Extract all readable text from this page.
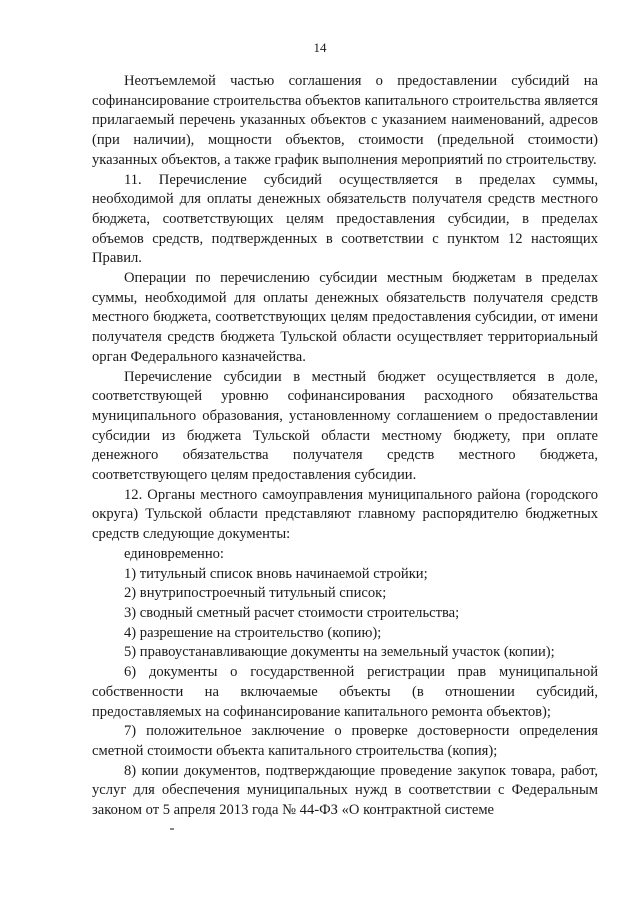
14

Неотъемлемой частью соглашения о предоставлении субсидий на софинансирование строительства объектов капитального строительства является прилагаемый перечень указанных объектов с указанием наименований, адресов (при наличии), мощности объектов, стоимости (предельной стоимости) указанных объектов, а также график выполнения мероприятий по строительству.

11. Перечисление субсидий осуществляется в пределах суммы, необходимой для оплаты денежных обязательств получателя средств местного бюджета, соответствующих целям предоставления субсидии, в пределах объемов средств, подтвержденных в соответствии с пунктом 12 настоящих Правил.

Операции по перечислению субсидии местным бюджетам в пределах суммы, необходимой для оплаты денежных обязательств получателя средств местного бюджета, соответствующих целям предоставления субсидии, от имени получателя средств бюджета Тульской области осуществляет территориальный орган Федерального казначейства.

Перечисление субсидии в местный бюджет осуществляется в доле, соответствующей уровню софинансирования расходного обязательства муниципального образования, установленному соглашением о предоставлении субсидии из бюджета Тульской области местному бюджету, при оплате денежного обязательства получателя средств местного бюджета, соответствующего целям предоставления субсидии.

12. Органы местного самоуправления муниципального района (городского округа) Тульской области представляют главному распорядителю бюджетных средств следующие документы:

единовременно:

1) титульный список вновь начинаемой стройки;

2) внутрипостроечный титульный список;

3) сводный сметный расчет стоимости строительства;

4) разрешение на строительство (копию);

5) правоустанавливающие документы на земельный участок (копии);

6) документы о государственной регистрации прав муниципальной собственности на включаемые объекты (в отношении субсидий, предоставляемых на софинансирование капитального ремонта объектов);

7) положительное заключение о проверке достоверности определения сметной стоимости объекта капитального строительства (копия);

8) копии документов, подтверждающие проведение закупок товара, работ, услуг для обеспечения муниципальных нужд в соответствии с Федеральным законом от 5 апреля 2013 года № 44-ФЗ «О контрактной системе
